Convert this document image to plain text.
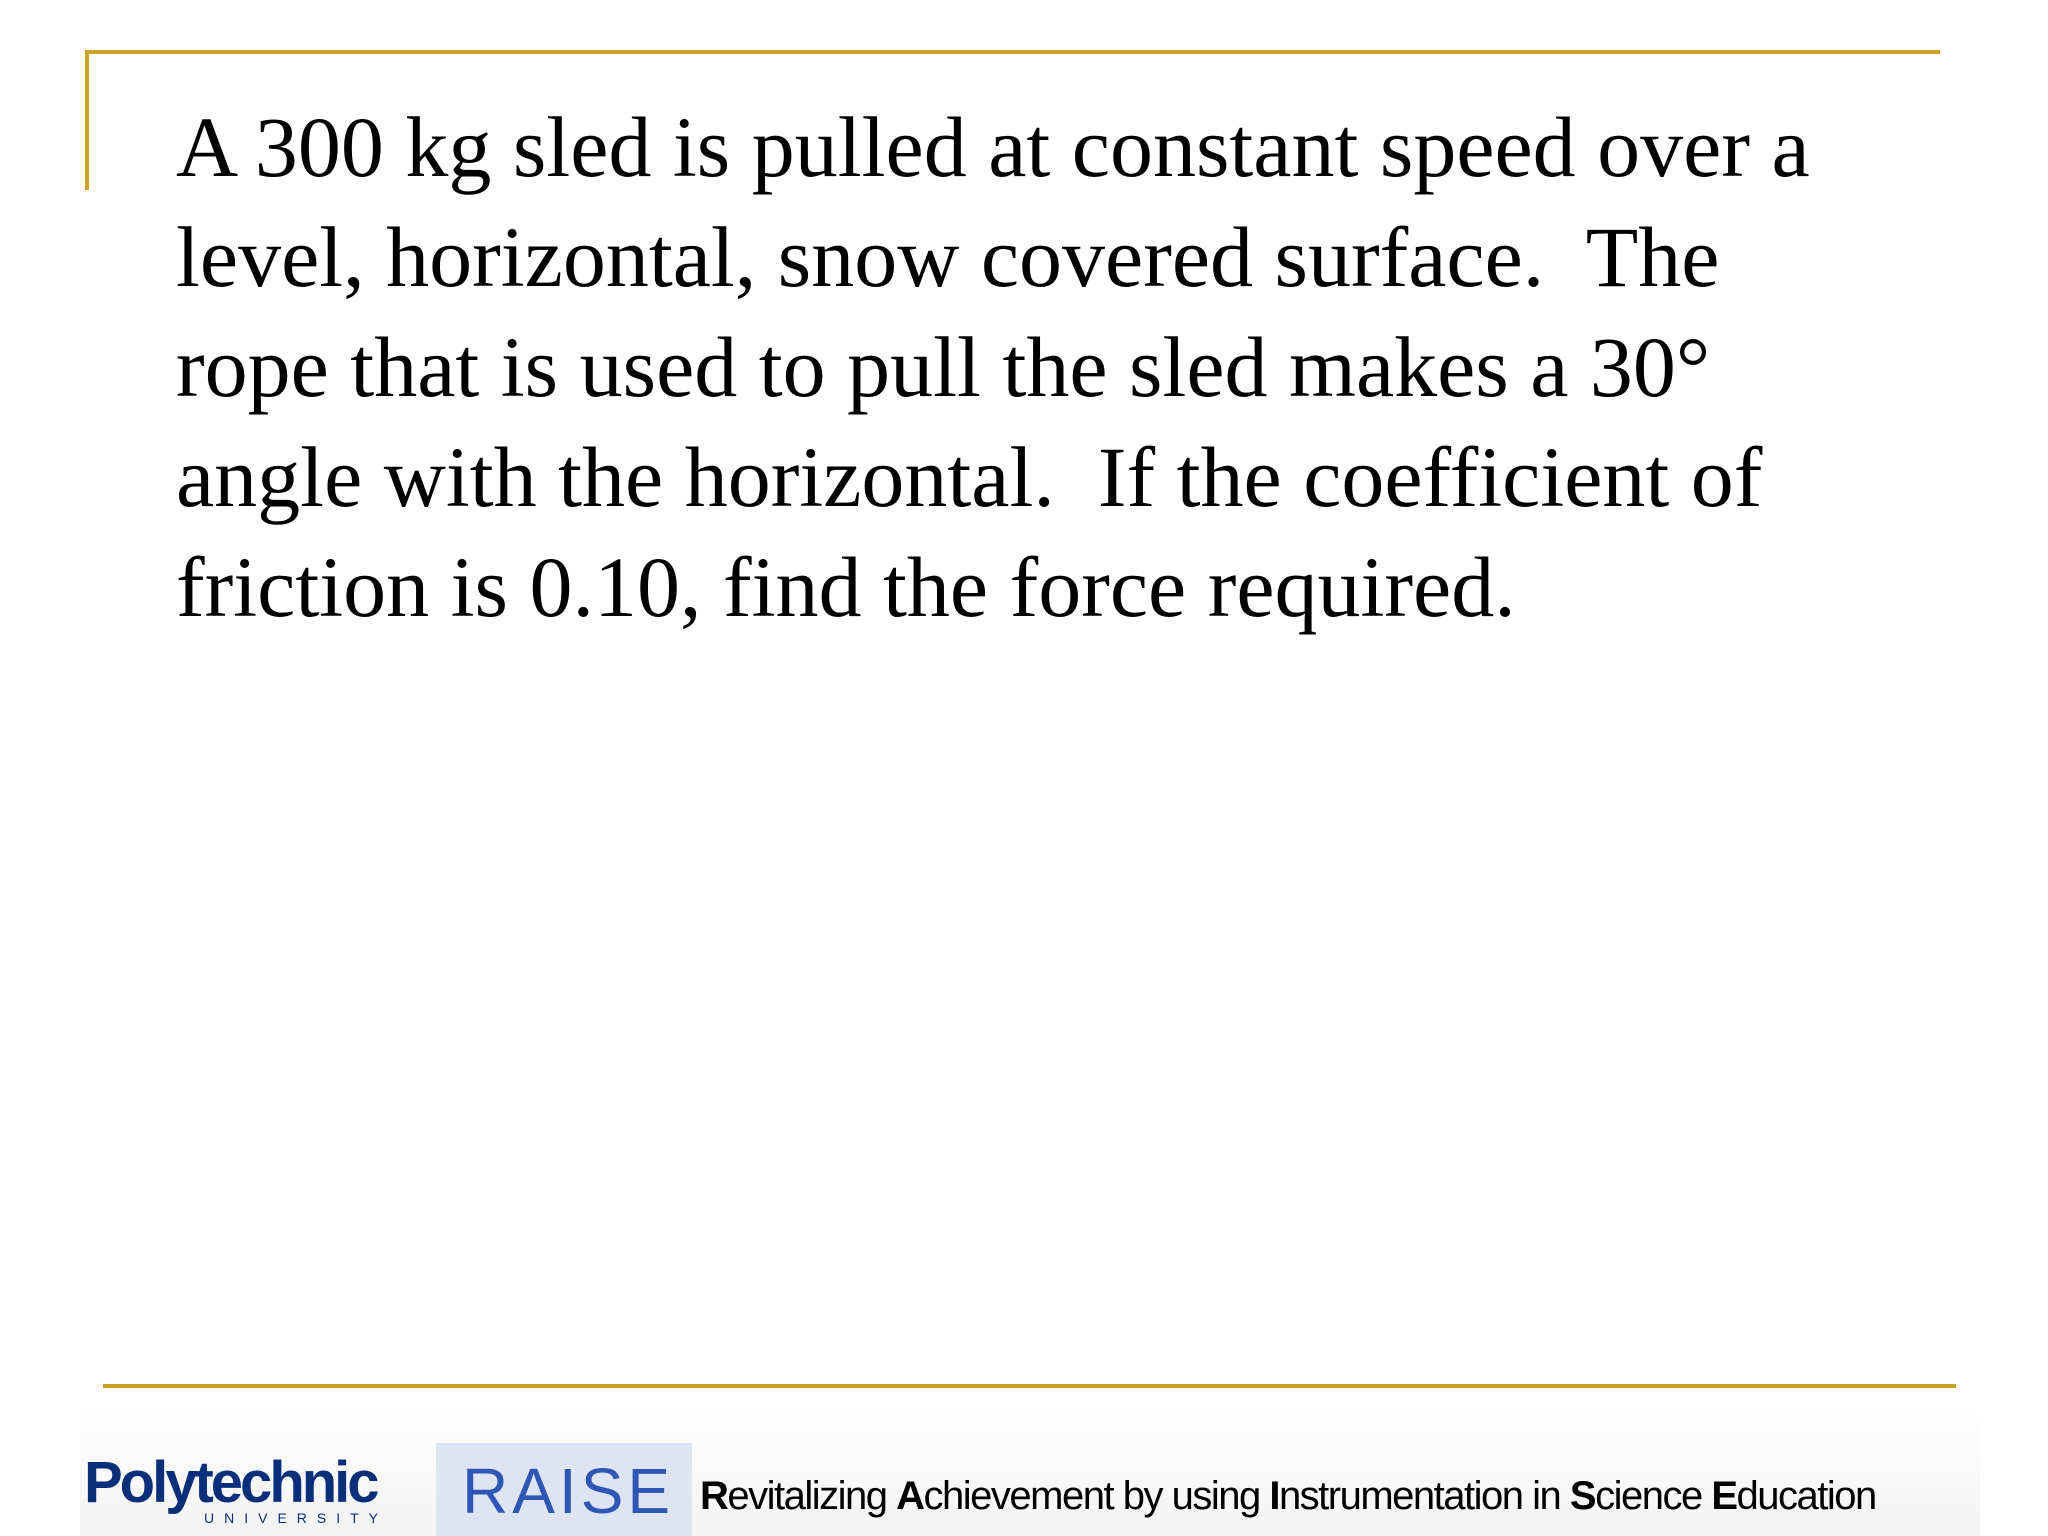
A 300 kg sled is pulled at constant speed over a
level, horizontal, snow covered surface.  The
rope that is used to pull the sled makes a 30°
angle with the horizontal.  If the coefficient of
friction is 0.10, find the force required.

Polytechnic
UNIVERSITY RAISE Revitalizing Achievement by using Instrumentation in Science Education
